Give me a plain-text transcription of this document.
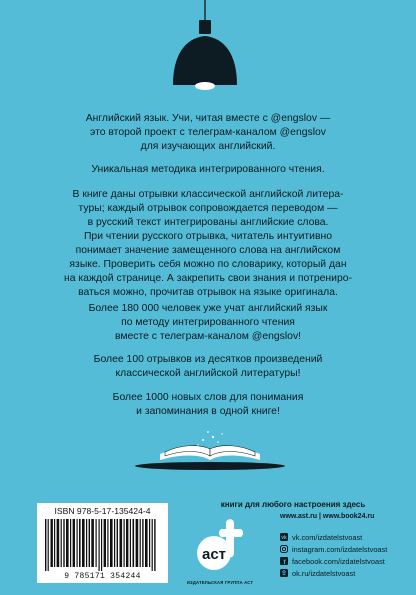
Английский язык. Учи, читая вместе с @engslov —

это второй проект с телеграм-каналом @engslov

для изучающих английский.

Уникальная методика интегрированного чтения.

В книге даны отрывки классической английской литера-

туры; каждый отрывок сопровождается переводом —

в русский текст интегрированы английские слова.

При чтении русского отрывка, читатель интуитивно

понимает значение замещенного слова на английском

языке. Проверить себя можно по словарику, который дан

на каждой странице. А закрепить свои знания и потрениро-

ваться можно, прочитав отрывок на языке оригинала.

Более 180 000 человек уже учат английский язык

по методу интегрированного чтения

вместе с телеграм-каналом @engslov!

Более 100 отрывков из десятков произведений

классической английской литературы!

Более 1000 новых слов для понимания

и запоминания в одной книге!

ISBN 978-5-17-135424-4
9 785171 354244
книги для любого настроения здесь
аст
ИЗДАТЕЛЬСКАЯ ГРУППА АСТ
www.ast.ru | www.book24.ru
vk vk.com/izdatelstvoast
instagram.com/izdatelstvoast
f facebook.com/izdatelstvoast
ok.ru/izdatelstvoast
